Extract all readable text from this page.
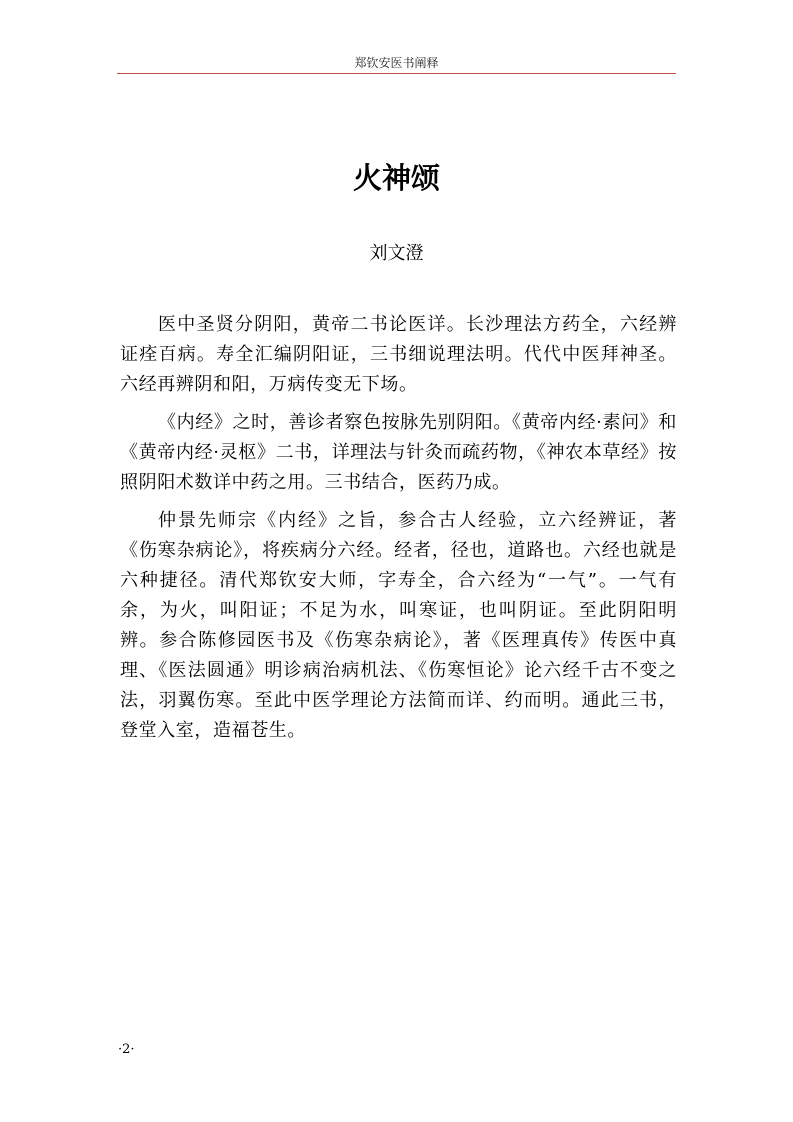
郑钦安医书阐释
火神颂
刘文澄

医中圣贤分阴阳，黄帝二书论医详。长沙理法方药全，六经辨证痊百病。寿全汇编阴阳证，三书细说理法明。代代中医拜神圣。六经再辨阴和阳，万病传变无下场。

《内经》之时，善诊者察色按脉先别阴阳。《黄帝内经·素问》和《黄帝内经·灵枢》二书，详理法与针灸而疏药物，《神农本草经》按照阴阳术数详中药之用。三书结合，医药乃成。

仲景先师宗《内经》之旨，参合古人经验，立六经辨证，著《伤寒杂病论》，将疾病分六经。经者，径也，道路也。六经也就是六种捷径。清代郑钦安大师，字寿全，合六经为“一气”。一气有余，为火，叫阳证；不足为水，叫寒证，也叫阴证。至此阴阳明辨。参合陈修园医书及《伤寒杂病论》，著《医理真传》传医中真理、《医法圆通》明诊病治病机法、《伤寒恒论》论六经千古不变之法，羽翼伤寒。至此中医学理论方法简而详、约而明。通此三书，登堂入室，造福苍生。

·2·
